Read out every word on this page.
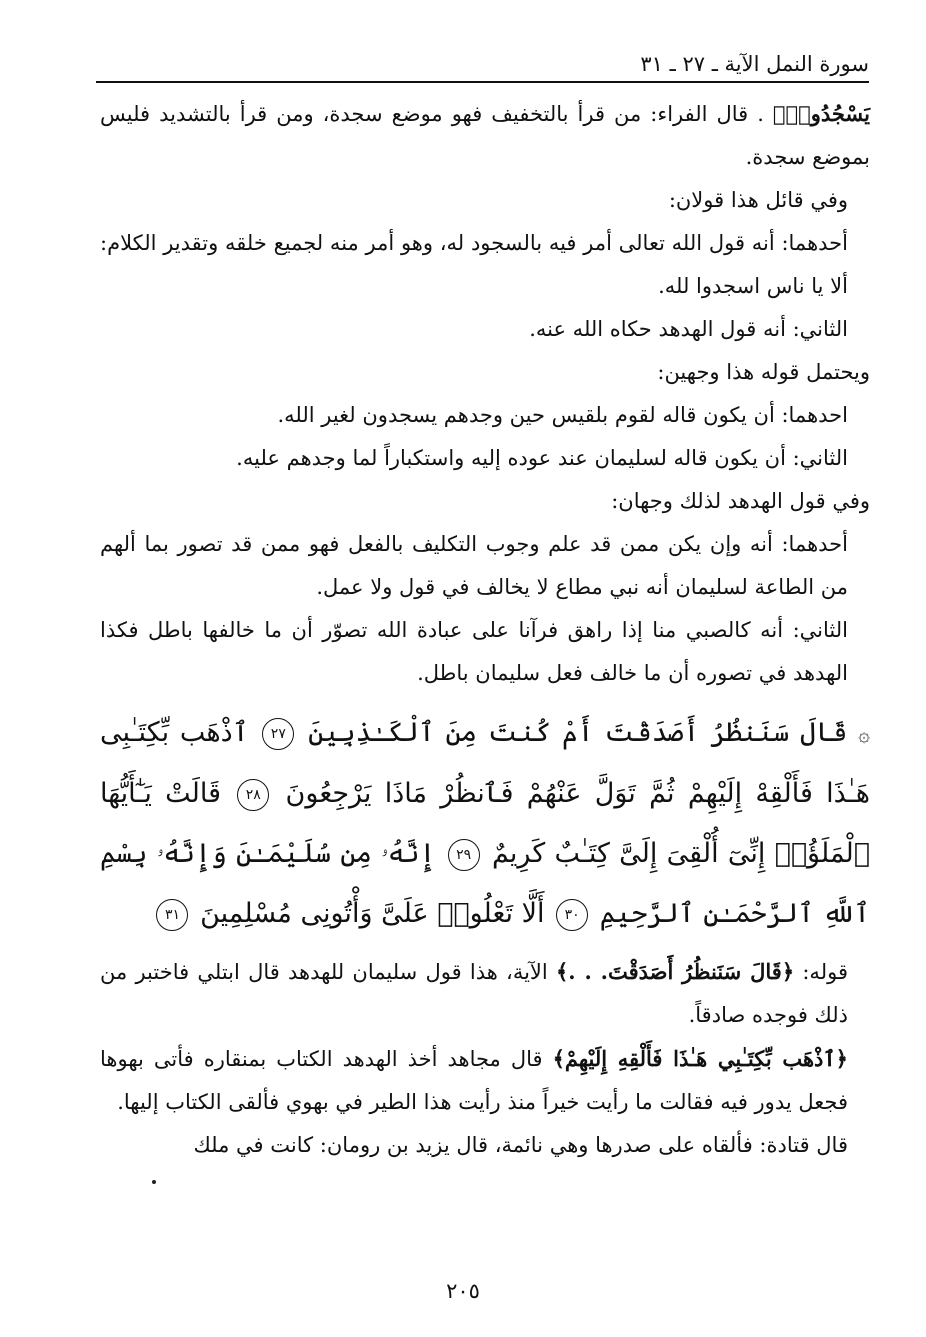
سورة النمل الآية ـ ٢٧ ـ ٣١

يَسْجُدُوا۟﴾ . قال الفراء: من قرأ بالتخفيف فهو موضع سجدة، ومن قرأ بالتشديد فليس بموضع سجدة.

وفي قائل هذا قولان:

أحدهما: أنه قول الله تعالى أمر فيه بالسجود له، وهو أمر منه لجميع خلقه وتقدير الكلام: ألا يا ناس اسجدوا لله.

الثاني: أنه قول الهدهد حكاه الله عنه.

ويحتمل قوله هذا وجهين:

احدهما: أن يكون قاله لقوم بلقيس حين وجدهم يسجدون لغير الله.

الثاني: أن يكون قاله لسليمان عند عوده إليه واستكباراً لما وجدهم عليه.

وفي قول الهدهد لذلك وجهان:

أحدهما: أنه وإن يكن ممن قد علم وجوب التكليف بالفعل فهو ممن قد تصور بما ألهم من الطاعة لسليمان أنه نبي مطاع لا يخالف في قول ولا عمل.

الثاني: أنه كالصبي منا إذا راهق فرآنا على عبادة الله تصوّر أن ما خالفها باطل فكذا الهدهد في تصوره أن ما خالف فعل سليمان باطل.

۞ قَالَ سَنَنظُرُ أَصَدَقْتَ أَمْ كُنتَ مِنَ ٱلْكَـٰذِبِينَ ٢٧ ٱذْهَب بِّكِتَـٰبِى هَـٰذَا فَأَلْقِهْ إِلَيْهِمْ ثُمَّ تَوَلَّ عَنْهُمْ فَٱنظُرْ مَاذَا يَرْجِعُونَ ٢٨ قَالَتْ يَـٰٓأَيُّهَا ٱلْمَلَؤُا۟ إِنِّىٓ أُلْقِىَ إِلَىَّ كِتَـٰبٌ كَرِيمٌ ٢٩ إِنَّهُۥ مِن سُلَيْمَـٰنَ وَإِنَّهُۥ بِسْمِ ٱللَّهِ ٱلرَّحْمَـٰنِ ٱلرَّحِيمِ ٣٠ أَلَّا تَعْلُوا۟ عَلَىَّ وَأْتُونِى مُسْلِمِينَ ٣١

قوله: ﴿قَالَ سَنَنظُرُ أَصَدَقْتَ. . .﴾ الآية، هذا قول سليمان للهدهد قال ابتلي فاختبر من ذلك فوجده صادقاً.

﴿ٱذْهَب بِّكِتَـٰبِي هَـٰذَا فَأَلْقِهِ إِلَيْهِمْ﴾ قال مجاهد أخذ الهدهد الكتاب بمنقاره فأتى بهوها فجعل يدور فيه فقالت ما رأيت خيراً منذ رأيت هذا الطير في بهوي فألقى الكتاب إليها.

قال قتادة: فألقاه على صدرها وهي نائمة، قال يزيد بن رومان: كانت في ملك

٢٠٥
